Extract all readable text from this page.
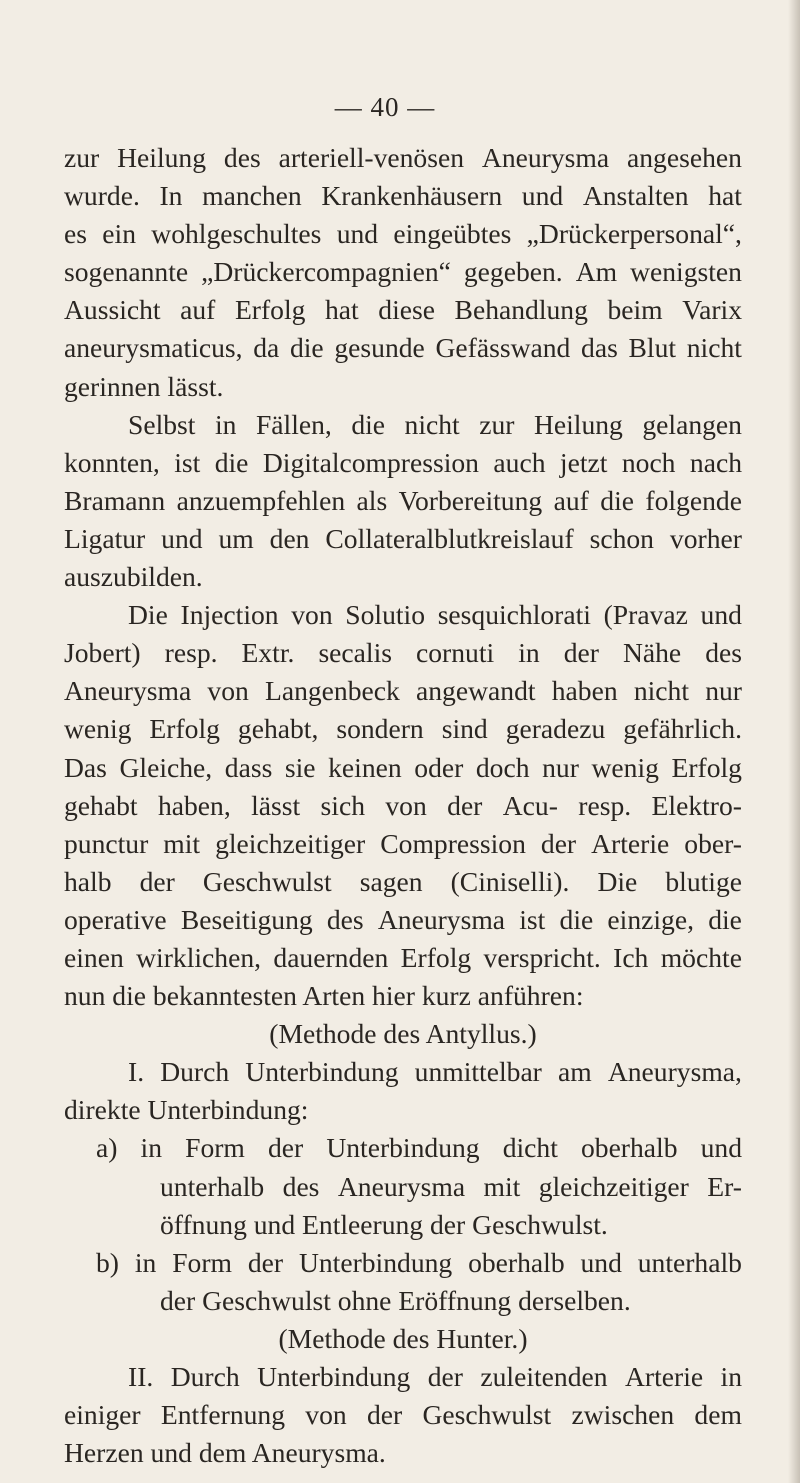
— 40 —
zur Heilung des arteriell-venösen Aneurysma angesehen
wurde. In manchen Krankenhäusern und Anstalten hat
es ein wohlgeschultes und eingeübtes „Drückerpersonal“,
sogenannte „Drückercompagnien“ gegeben. Am wenigsten
Aussicht auf Erfolg hat diese Behandlung beim Varix
aneurysmaticus, da die gesunde Gefässwand das Blut nicht
gerinnen lässt.
Selbst in Fällen, die nicht zur Heilung gelangen
konnten, ist die Digitalcompression auch jetzt noch nach
Bramann anzuempfehlen als Vorbereitung auf die folgende
Ligatur und um den Collateralblutkreislauf schon vorher
auszubilden.
Die Injection von Solutio sesquichlorati (Pravaz und
Jobert) resp. Extr. secalis cornuti in der Nähe des
Aneurysma von Langenbeck angewandt haben nicht nur
wenig Erfolg gehabt, sondern sind geradezu gefährlich.
Das Gleiche, dass sie keinen oder doch nur wenig Erfolg
gehabt haben, lässt sich von der Acu- resp. Elektro-
punctur mit gleichzeitiger Compression der Arterie ober-
halb der Geschwulst sagen (Ciniselli). Die blutige
operative Beseitigung des Aneurysma ist die einzige, die
einen wirklichen, dauernden Erfolg verspricht. Ich möchte
nun die bekanntesten Arten hier kurz anführen:
(Methode des Antyllus.)
I. Durch Unterbindung unmittelbar am Aneurysma,
direkte Unterbindung:
a) in Form der Unterbindung dicht oberhalb und
unterhalb des Aneurysma mit gleichzeitiger Er-
öffnung und Entleerung der Geschwulst.
b) in Form der Unterbindung oberhalb und unterhalb
der Geschwulst ohne Eröffnung derselben.
(Methode des Hunter.)
II. Durch Unterbindung der zuleitenden Arterie in
einiger Entfernung von der Geschwulst zwischen dem
Herzen und dem Aneurysma.
